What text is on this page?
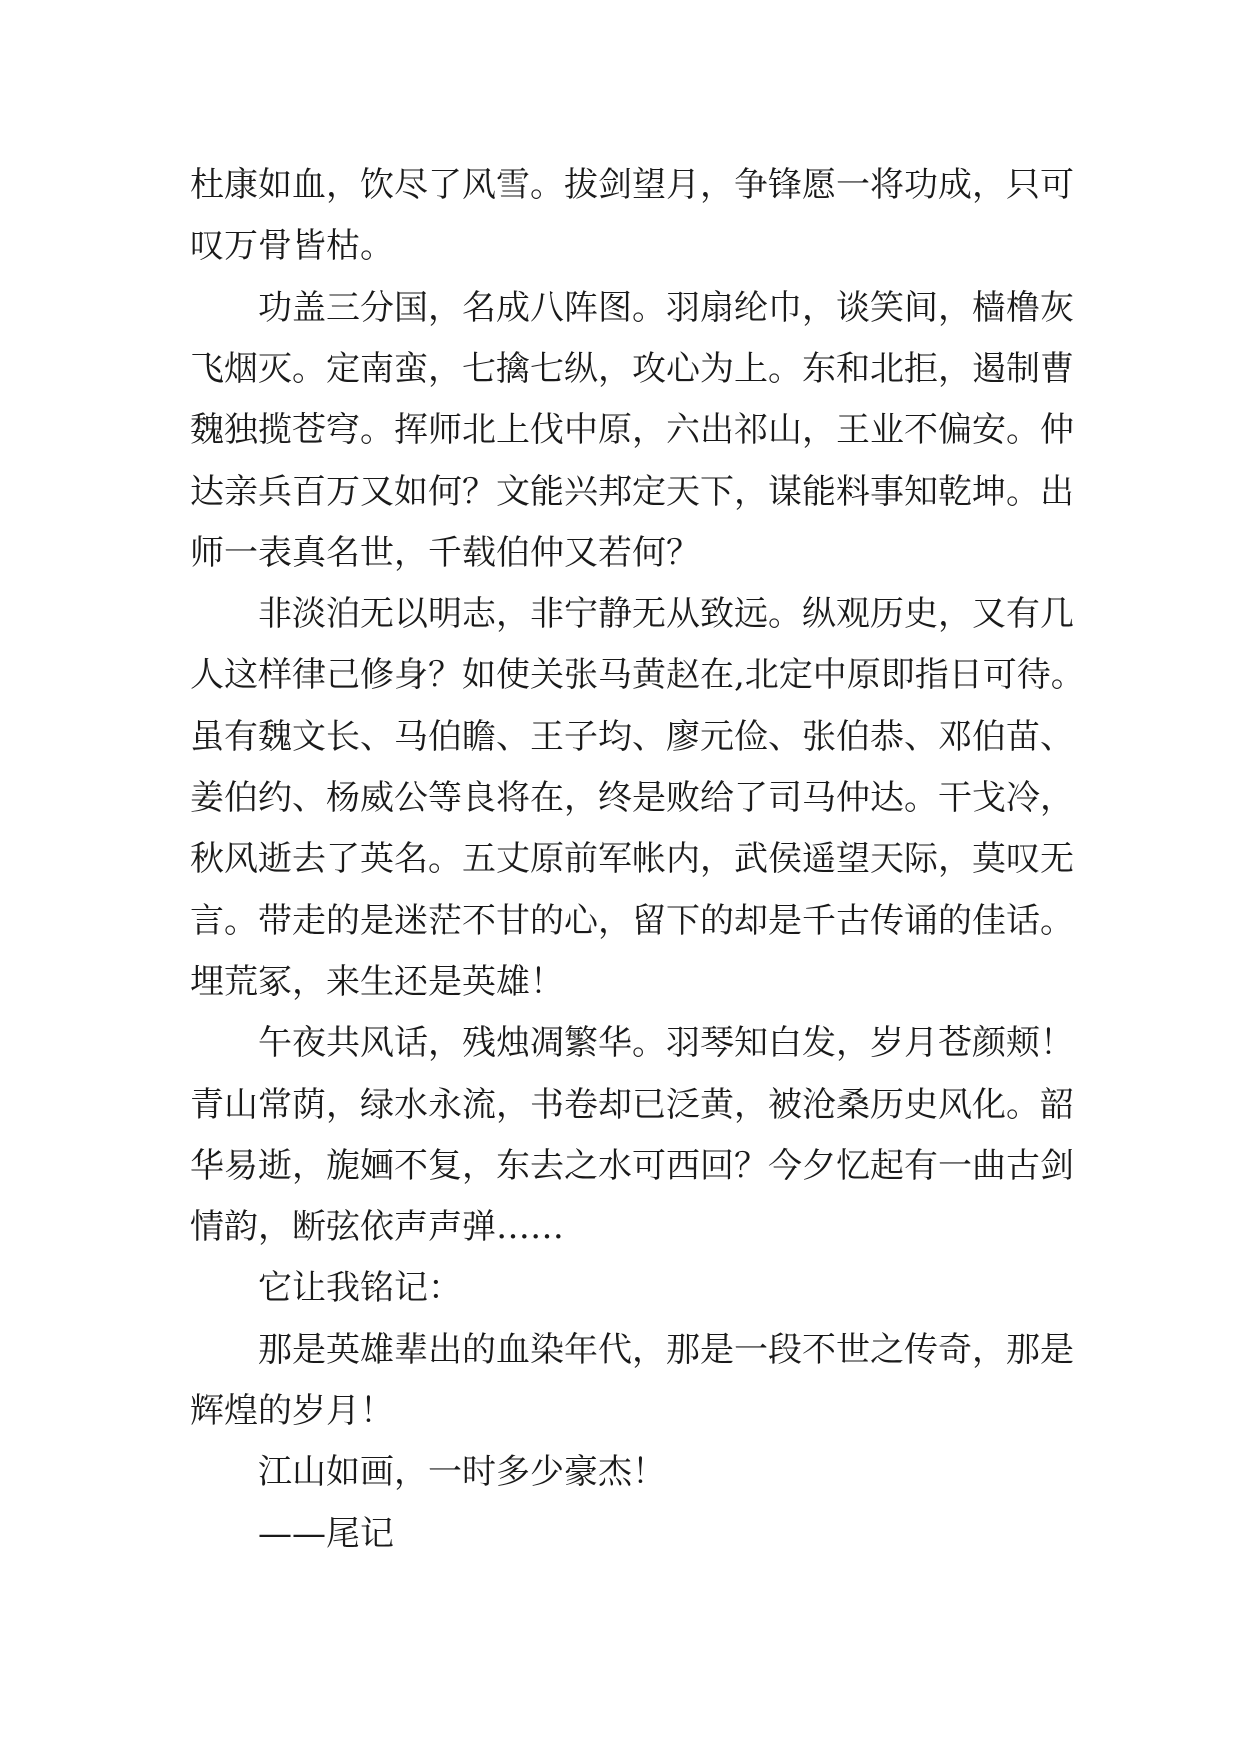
杜康如血，饮尽了风雪。拔剑望月，争锋愿一将功成，只可
叹万骨皆枯。
功盖三分国，名成八阵图。羽扇纶巾，谈笑间，樯橹灰
飞烟灭。定南蛮，七擒七纵，攻心为上。东和北拒，遏制曹
魏独揽苍穹。挥师北上伐中原，六出祁山，王业不偏安。仲
达亲兵百万又如何？文能兴邦定天下，谋能料事知乾坤。出
师一表真名世，千载伯仲又若何？
非淡泊无以明志，非宁静无从致远。纵观历史，又有几
人这样律己修身？如使关张马黄赵在,北定中原即指日可待。
虽有魏文长、马伯瞻、王子均、廖元俭、张伯恭、邓伯苗、
姜伯约、杨威公等良将在，终是败给了司马仲达。干戈冷，
秋风逝去了英名。五丈原前军帐内，武侯遥望天际，莫叹无
言。带走的是迷茫不甘的心，留下的却是千古传诵的佳话。
埋荒冢，来生还是英雄！
午夜共风话，残烛凋繁华。羽琴知白发，岁月苍颜颊！
青山常荫，绿水永流，书卷却已泛黄，被沧桑历史风化。韶
华易逝，旎婳不复，东去之水可西回？今夕忆起有一曲古剑
情韵，断弦依声声弹……
它让我铭记：
那是英雄辈出的血染年代，那是一段不世之传奇，那是
辉煌的岁月！
江山如画，一时多少豪杰！
——尾记
